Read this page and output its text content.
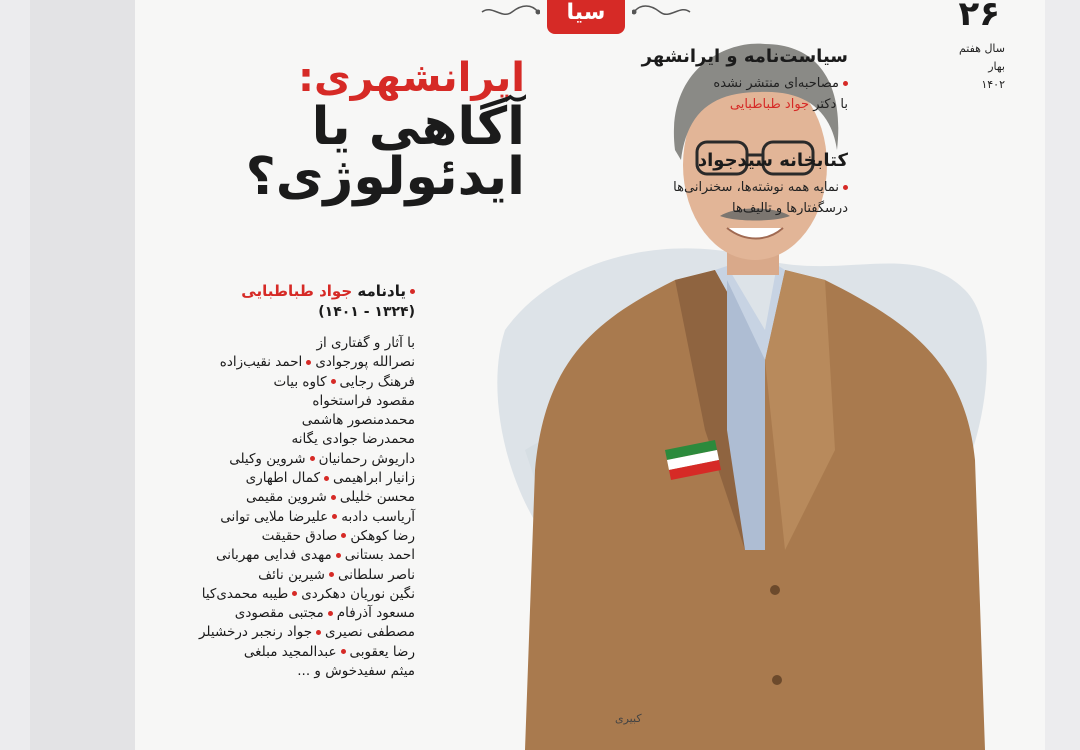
سیا
کبیری
۲۶
سال هفتم
بهار
۱۴۰۲
سیاست‌نامه و ایرانشهر
مصاحبه‌ای منتشر نشده
با دکتر جواد طباطبایی
کتابخانه سیدجواد
نمایه همه نوشته‌ها، سخنرانی‌ها
درسگفتارها و تالیف‌ها
ایرانشهری:
آگاهی یا
ایدئولوژی؟
یادنامه جواد طباطبایی
(۱۳۲۴ - ۱۴۰۱)
با آثار و گفتاری از
نصرالله پورجوادیاحمد نقیب‌زاده
فرهنگ رجاییکاوه بیات
مقصود فراستخواه
محمدمنصور هاشمی
محمدرضا جوادی یگانه
داریوش رحمانیانشروین وکیلی
زانیار ابراهیمیکمال اطهاری
محسن خلیلیشروین مقیمی
آریاسب دادبهعلیرضا ملایی توانی
رضا کوهکنصادق حقیقت
احمد بستانیمهدی فدایی مهربانی
ناصر سلطانیشیرین نائف
نگین نوریان دهکردیطیبه محمدی‌کیا
مسعود آذرفاممجتبی مقصودی
مصطفی نصیریجواد رنجبر درخشیلر
رضا یعقوبیعبدالمجید مبلغی
میثم سفیدخوش و ...
